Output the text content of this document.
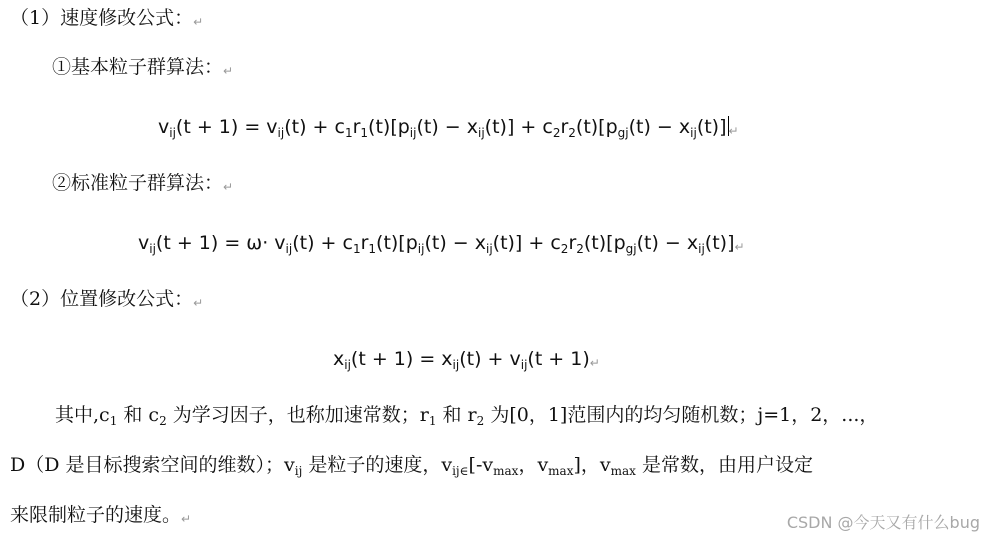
（1）速度修改公式：↵
①基本粒子群算法：↵
$v_{ij}(t + 1) = v_{ij}(t) + c_1r_1(t)[p_{ij}(t) - x_{ij}(t)] + c_2r_2(t)[p_{gj}(t) - x_{ij}(t)]$ ↵
②标准粒子群算法：↵
$v_{ij}(t + 1) = \omega\cdot v_{ij}(t) + c_1r_1(t)[p_{ij}(t) - x_{ij}(t)] + c_2r_2(t)[p_{gj}(t)$ − $x_{ij}(t)]↵$
（2）位置修改公式：↵
$x_{ij}(t + 1) = x_{ij}(t) + v_{ij}(t$ + 1)↵
其中$,c_1$ 和 $c_2$ 为学习因子，也称加速常数；$r_1$ 和 $r_2$ 为[0，1]范围内的均匀随机数；j=1，2，...，
D（D 是目标搜索空间的维数）；$v_{ij}$ 是粒子的速度，$v_{ij\in}[-v_{max}$，$v_{max}$]，$v_{max}$ 是常数，由用户设定
来限制粒子的速度。↵	CSDN @今天又有什么bug
